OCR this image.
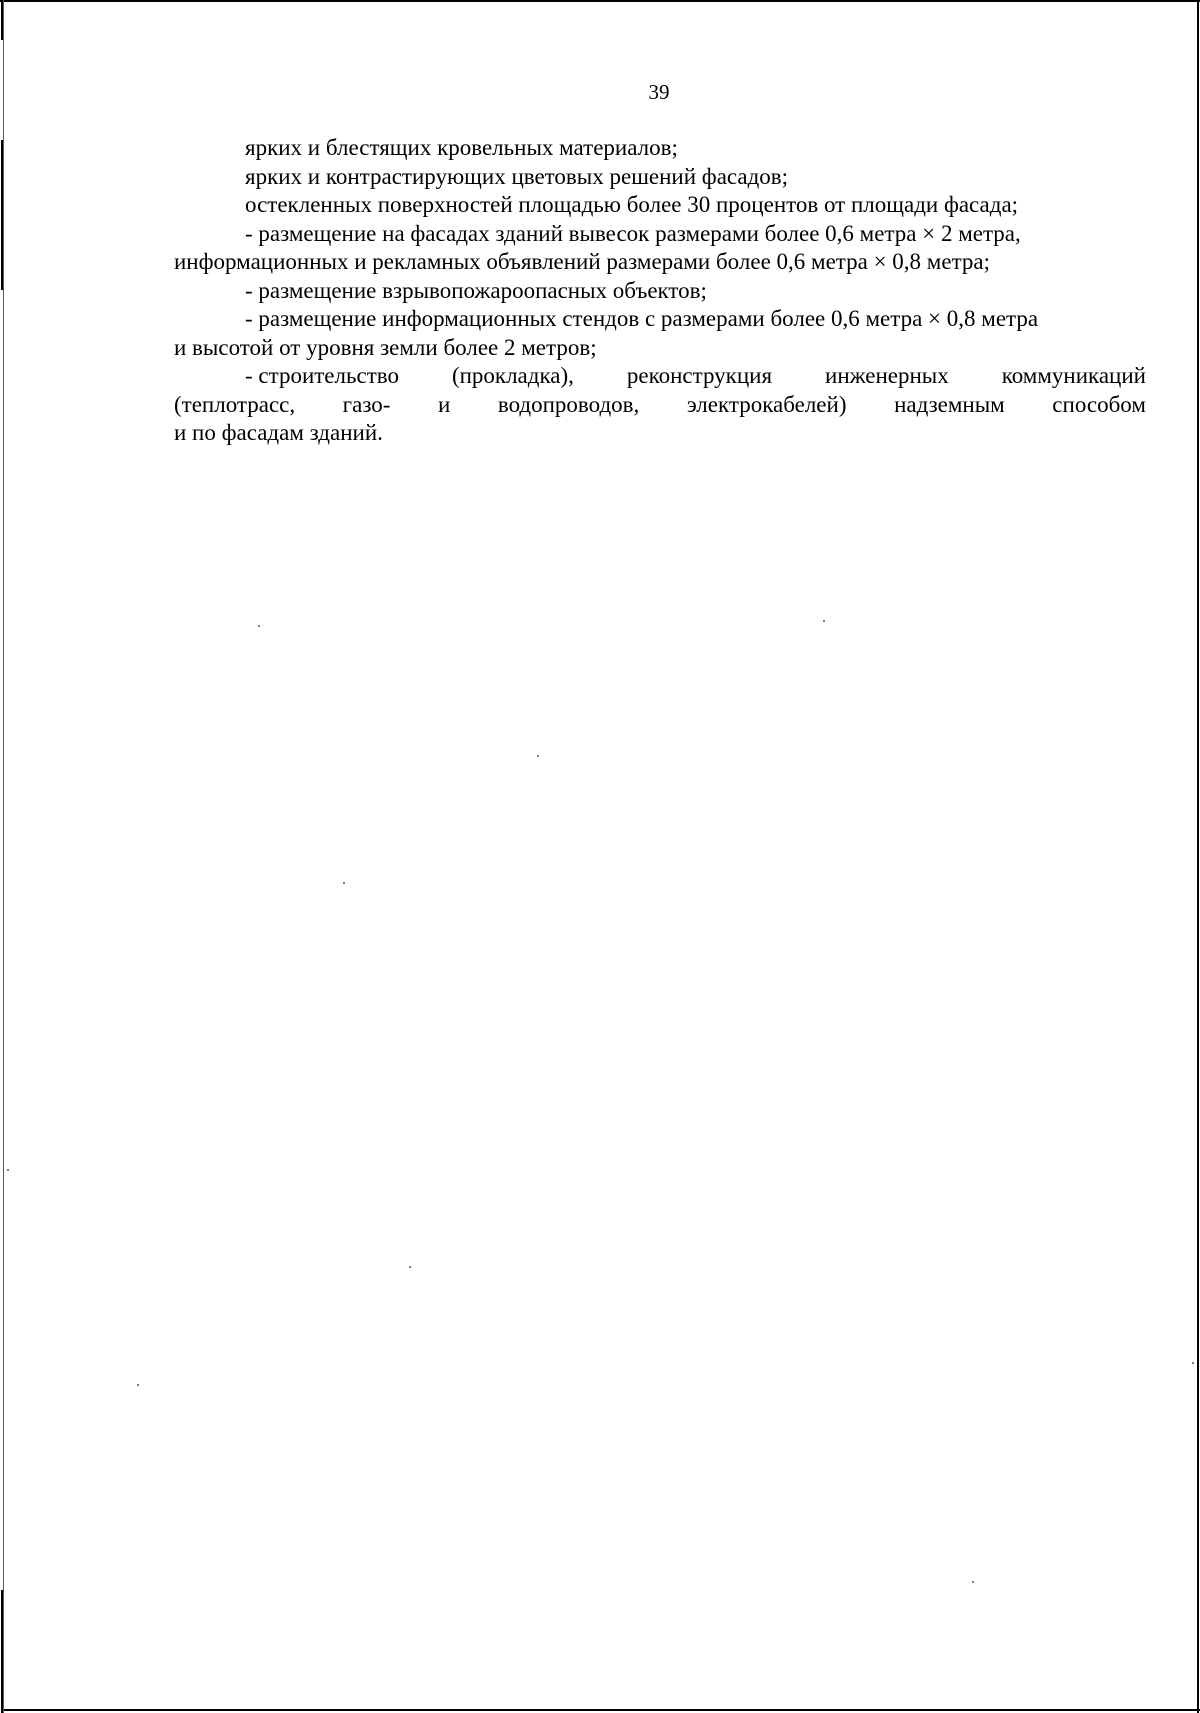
39
ярких и блестящих кровельных материалов;
ярких и контрастирующих цветовых решений фасадов;
остекленных поверхностей площадью более 30 процентов от площади фасада;
- размещение на фасадах зданий вывесок размерами более 0,6 метра × 2 метра,
информационных и рекламных объявлений размерами более 0,6 метра × 0,8 метра;
- размещение взрывопожароопасных объектов;
- размещение информационных стендов с размерами более 0,6 метра × 0,8 метра
и высотой от уровня земли более 2 метров;
- строительство (прокладка), реконструкция инженерных коммуникаций
(теплотрасс, газо- и водопроводов, электрокабелей) надземным способом
и по фасадам зданий.
